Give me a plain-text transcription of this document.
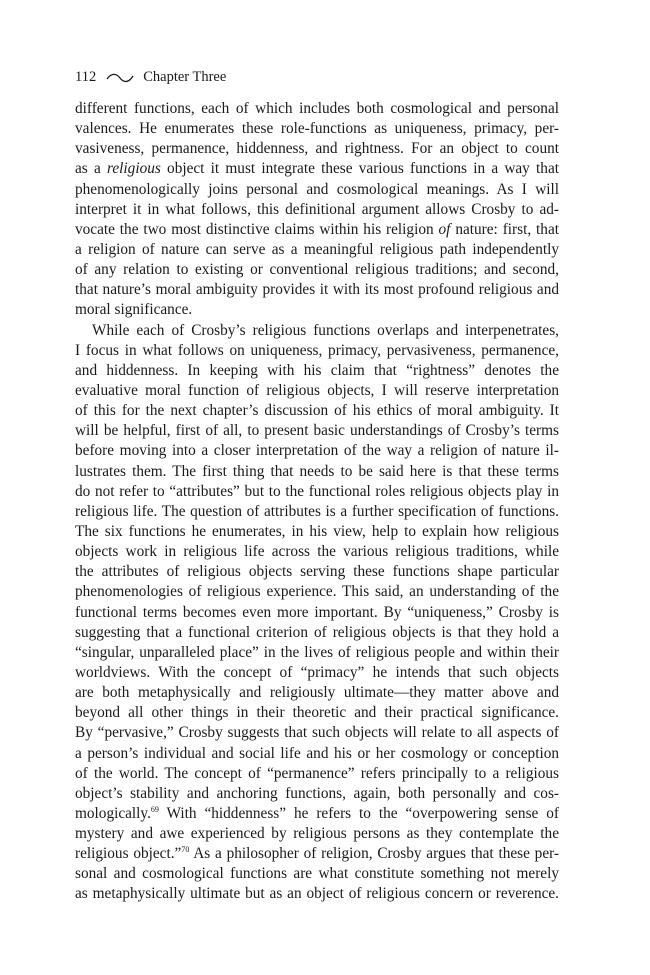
112	Chapter Three
different functions, each of which includes both cosmological and personal
valences. He enumerates these role-functions as uniqueness, primacy, per-
vasiveness, permanence, hiddenness, and rightness. For an object to count
as a religious object it must integrate these various functions in a way that
phenomenologically joins personal and cosmological meanings. As I will
interpret it in what follows, this definitional argument allows Crosby to ad-
vocate the two most distinctive claims within his religion of nature: first, that
a religion of nature can serve as a meaningful religious path independently
of any relation to existing or conventional religious traditions; and second,
that nature’s moral ambiguity provides it with its most profound religious and
moral significance.
While each of Crosby’s religious functions overlaps and interpenetrates,
I focus in what follows on uniqueness, primacy, pervasiveness, permanence,
and hiddenness. In keeping with his claim that “rightness” denotes the
evaluative moral function of religious objects, I will reserve interpretation
of this for the next chapter’s discussion of his ethics of moral ambiguity. It
will be helpful, first of all, to present basic understandings of Crosby’s terms
before moving into a closer interpretation of the way a religion of nature il-
lustrates them. The first thing that needs to be said here is that these terms
do not refer to “attributes” but to the functional roles religious objects play in
religious life. The question of attributes is a further specification of functions.
The six functions he enumerates, in his view, help to explain how religious
objects work in religious life across the various religious traditions, while
the attributes of religious objects serving these functions shape particular
phenomenologies of religious experience. This said, an understanding of the
functional terms becomes even more important. By “uniqueness,” Crosby is
suggesting that a functional criterion of religious objects is that they hold a
“singular, unparalleled place” in the lives of religious people and within their
worldviews. With the concept of “primacy” he intends that such objects
are both metaphysically and religiously ultimate—they matter above and
beyond all other things in their theoretic and their practical significance.
By “pervasive,” Crosby suggests that such objects will relate to all aspects of
a person’s individual and social life and his or her cosmology or conception
of the world. The concept of “permanence” refers principally to a religious
object’s stability and anchoring functions, again, both personally and cos-
mologically.$^{69}$ With “hiddenness” he refers to the “overpowering sense of
mystery and awe experienced by religious persons as they contemplate the
religious object.”$^{70}$ As a philosopher of religion, Crosby argues that these per-
sonal and cosmological functions are what constitute something not merely
as metaphysically ultimate but as an object of religious concern or reverence.
